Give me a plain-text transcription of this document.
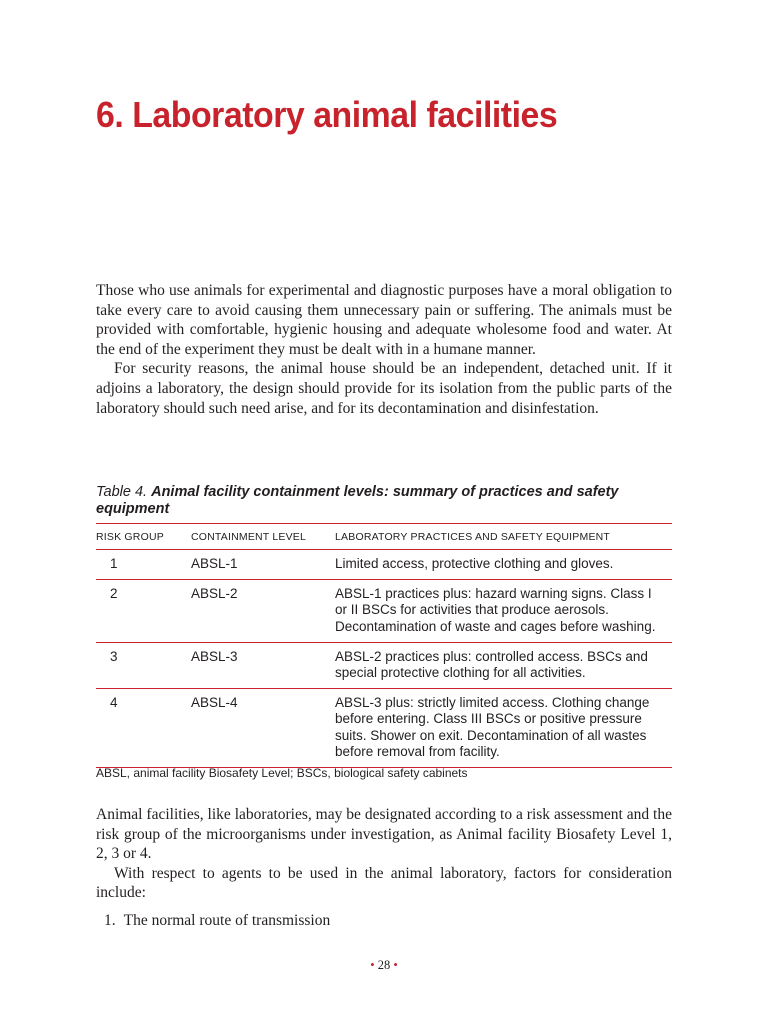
6. Laboratory animal facilities

Those who use animals for experimental and diagnostic purposes have a moral obligation to take every care to avoid causing them unnecessary pain or suffering. The animals must be provided with comfortable, hygienic housing and adequate wholesome food and water. At the end of the experiment they must be dealt with in a humane manner.

For security reasons, the animal house should be an independent, detached unit. If it adjoins a laboratory, the design should provide for its isolation from the public parts of the laboratory should such need arise, and for its decontamination and disinfestation.

Table 4. Animal facility containment levels: summary of practices and safety equipment
RISK GROUP	CONTAINMENT LEVEL	LABORATORY PRACTICES AND SAFETY EQUIPMENT
1	ABSL-1	Limited access, protective clothing and gloves.
2	ABSL-2	ABSL-1 practices plus: hazard warning signs. Class I or II BSCs for activities that produce aerosols. Decontamination of waste and cages before washing.
3	ABSL-3	ABSL-2 practices plus: controlled access. BSCs and special protective clothing for all activities.
4	ABSL-4	ABSL-3 plus: strictly limited access. Clothing change before entering. Class III BSCs or positive pressure suits. Shower on exit. Decontamination of all wastes before removal from facility.

ABSL, animal facility Biosafety Level; BSCs, biological safety cabinets

Animal facilities, like laboratories, may be designated according to a risk assessment and the risk group of the microorganisms under investigation, as Animal facility Biosafety Level 1, 2, 3 or 4.

With respect to agents to be used in the animal laboratory, factors for consideration include:

1. The normal route of transmission
• 28 •
